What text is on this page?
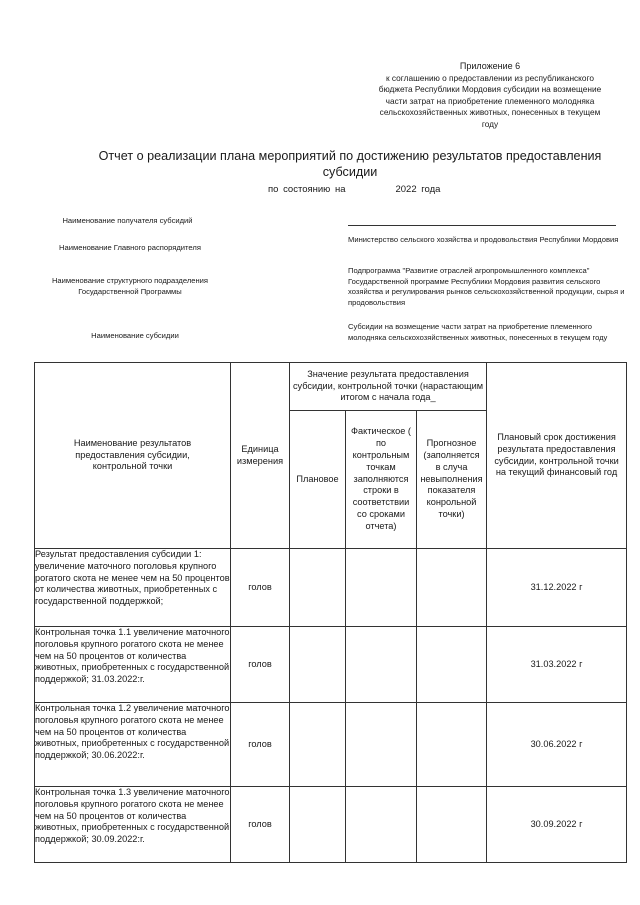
Приложение 6
к соглашению о предоставлении из республиканского
бюджета Республики Мордовия субсидии на возмещение
части затрат на приобретение племенного молодняка
сельскохозяйственных животных, понесенных в текущем
году
Отчет о реализации плана мероприятий по достижению результатов предоставления
субсидии
по состоянию на	2022 года
Наименование получателя субсидий
Наименование Главного распорядителя
Министерство сельского хозяйства и продовольствия Республики Мордовия
Наименование структурного подразделения Государственной Программы
Подпрограмма "Развитие отраслей агропромышленного комплекса" Государственной программе Республики Мордовия развития сельского хозяйства и регулирования рынков сельскохозяйственной продукции, сырья и продовольствия
Наименование субсидии
Субсидии на возмещение части затрат на приобретение племенного молодняка сельскохозяйственных животных, понесенных в текущем году
Наименование результатов предоставления субсидии, контрольной точки	Единица измерения	Значение результата предоставления субсидии, контрольной точки (нарастающим итогом с начала года_			Плановый срок достижения результата предоставления субсидии, контрольной точки на текущий финансовый год
		Плановое	Фактическое ( по контрольным точкам заполняются строки в соответствии со сроками отчета)	Прогнозное (заполняется в случа невыполнения показателя конрольной точки)	
Результат предоставления субсидии 1: увеличение маточного поголовья крупного рогатого скота не менее чем на 50 процентов от количества животных, приобретенных с государственной поддержкой;	голов				31.12.2022 г
Контрольная точка 1.1 увеличение маточного поголовья крупного рогатого скота не менее чем на 50 процентов от количества животных, приобретенных с государственной поддержкой; 31.03.2022:г.	голов				31.03.2022 г
Контрольная точка 1.2 увеличение маточного поголовья крупного рогатого скота не менее чем на 50 процентов от количества животных, приобретенных с государственной поддержкой; 30.06.2022:г.	голов				30.06.2022 г
Контрольная точка 1.3 увеличение маточного поголовья крупного рогатого скота не менее чем на 50 процентов от количества животных, приобретенных с государственной поддержкой; 30.09.2022:г.	голов				30.09.2022 г
